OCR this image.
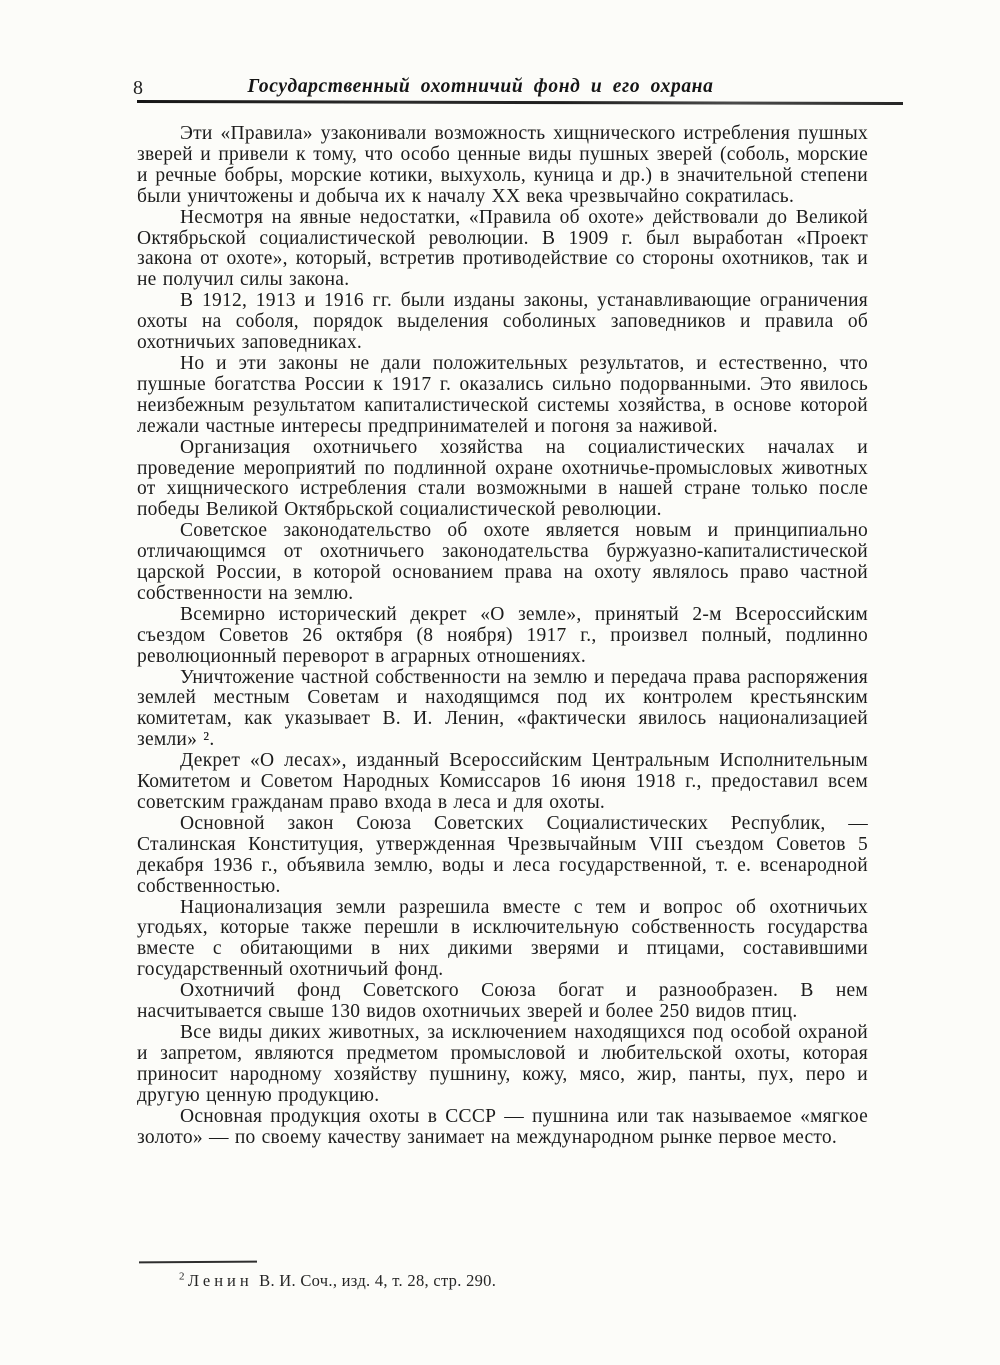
8	Государственный охотничий фонд и его охрана

Эти «Правила» узаконивали возможность хищнического истребления пушных зверей и привели к тому, что особо ценные виды пушных зверей (соболь, морские и речные бобры, морские котики, выхухоль, куница и др.) в значительной степени были уничтожены и добыча их к началу XX века чрезвычайно сократилась.

Несмотря на явные недостатки, «Правила об охоте» действовали до Великой Октябрьской социалистической революции. В 1909 г. был выработан «Проект закона от охоте», который, встретив противодействие со стороны охотников, так и не получил силы закона.

В 1912, 1913 и 1916 гг. были изданы законы, устанавливающие ограничения охоты на соболя, порядок выделения соболиных заповедников и правила об охотничьих заповедниках.

Но и эти законы не дали положительных результатов, и естественно, что пушные богатства России к 1917 г. оказались сильно подорванными. Это явилось неизбежным результатом капиталистической системы хозяйства, в основе которой лежали частные интересы предпринимателей и погоня за наживой.

Организация охотничьего хозяйства на социалистических началах и проведение мероприятий по подлинной охране охотничье-промысловых животных от хищнического истребления стали возможными в нашей стране только после победы Великой Октябрьской социалистической революции.

Советское законодательство об охоте является новым и принципиально отличающимся от охотничьего законодательства буржуазно-капиталистической царской России, в которой основанием права на охоту являлось право частной собственности на землю.

Всемирно исторический декрет «О земле», принятый 2-м Всероссийским съездом Советов 26 октября (8 ноября) 1917 г., произвел полный, подлинно революционный переворот в аграрных отношениях.

Уничтожение частной собственности на землю и передача права распоряжения землей местным Советам и находящимся под их контролем крестьянским комитетам, как указывает В. И. Ленин, «фактически явилось национализацией земли» ².

Декрет «О лесах», изданный Всероссийским Центральным Исполнительным Комитетом и Советом Народных Комиссаров 16 июня 1918 г., предоставил всем советским гражданам право входа в леса и для охоты.

Основной закон Союза Советских Социалистических Республик, — Сталинская Конституция, утвержденная Чрезвычайным VIII съездом Советов 5 декабря 1936 г., объявила землю, воды и леса государственной, т. е. всенародной собственностью.

Национализация земли разрешила вместе с тем и вопрос об охотничьих угодьях, которые также перешли в исключительную собственность государства вместе с обитающими в них дикими зверями и птицами, составившими государственный охотничьий фонд.

Охотничий фонд Советского Союза богат и разнообразен. В нем насчитывается свыше 130 видов охотничьих зверей и более 250 видов птиц.

Все виды диких животных, за исключением находящихся под особой охраной и запретом, являются предметом промысловой и любительской охоты, которая приносит народному хозяйству пушнину, кожу, мясо, жир, панты, пух, перо и другую ценную продукцию.

Основная продукция охоты в СССР — пушнина или так называемое «мягкое золото» — по своему качеству занимает на международном рынке первое место.

$^2$ Ленин В. И. Соч., изд. 4, т. 28, стр. 290.
